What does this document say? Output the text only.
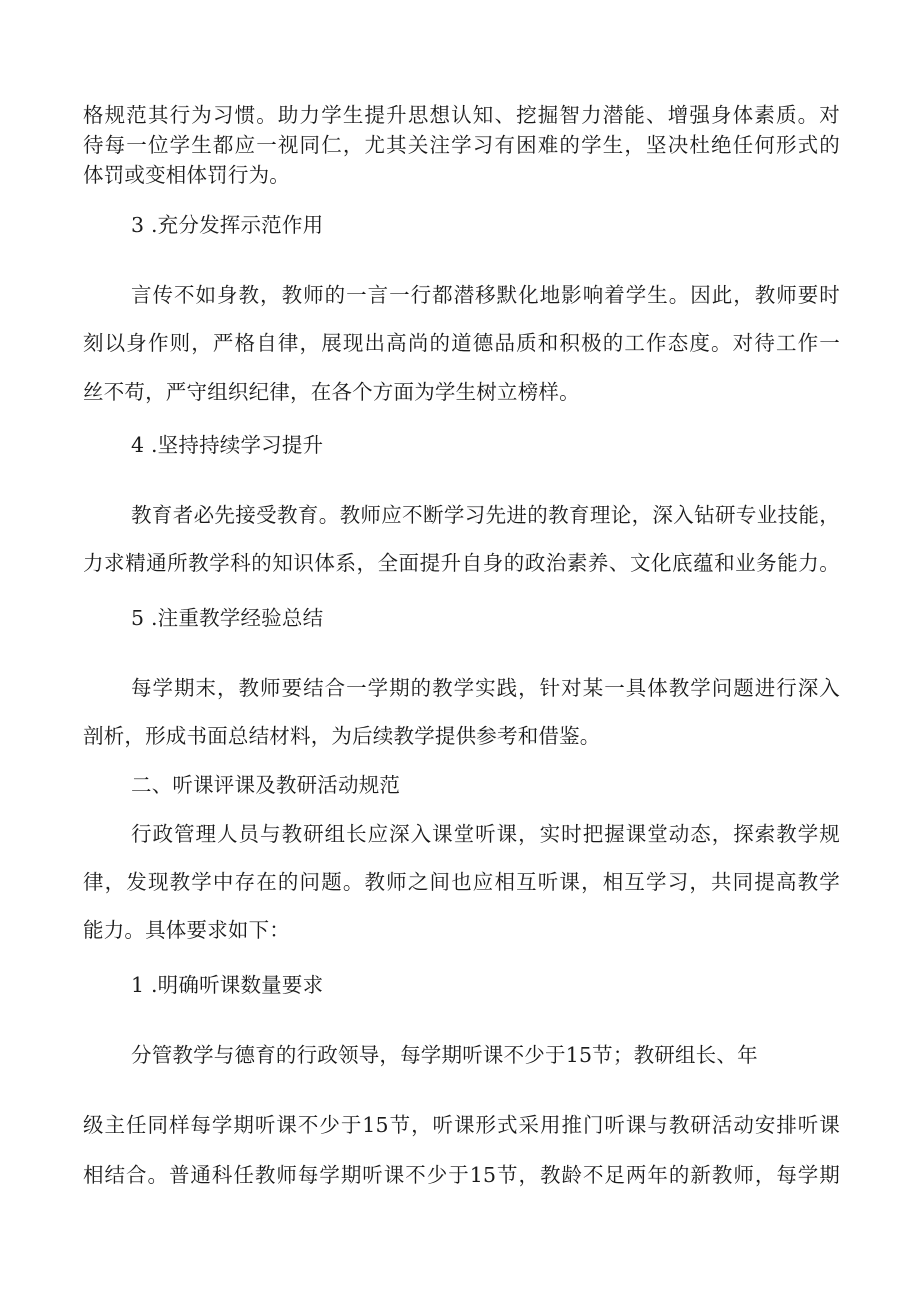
格规范其行为习惯。助力学生提升思想认知、挖掘智力潜能、增强身体素质。对
待每一位学生都应一视同仁，尤其关注学习有困难的学生，坚决杜绝任何形式的
体罚或变相体罚行为。
3 .充分发挥示范作用
言传不如身教，教师的一言一行都潜移默化地影响着学生。因此，教师要时
刻以身作则，严格自律，展现出高尚的道德品质和积极的工作态度。对待工作一
丝不苟，严守组织纪律，在各个方面为学生树立榜样。
4 .坚持持续学习提升
教育者必先接受教育。教师应不断学习先进的教育理论，深入钻研专业技能，
力求精通所教学科的知识体系，全面提升自身的政治素养、文化底蕴和业务能力。
5 .注重教学经验总结
每学期末，教师要结合一学期的教学实践，针对某一具体教学问题进行深入
剖析，形成书面总结材料，为后续教学提供参考和借鉴。
二、听课评课及教研活动规范
行政管理人员与教研组长应深入课堂听课，实时把握课堂动态，探索教学规
律，发现教学中存在的问题。教师之间也应相互听课，相互学习，共同提高教学
能力。具体要求如下：
1 .明确听课数量要求
分管教学与德育的行政领导，每学期听课不少于15节；教研组长、年
级主任同样每学期听课不少于15节，听课形式采用推门听课与教研活动安排听课
相结合。普通科任教师每学期听课不少于15节，教龄不足两年的新教师，每学期
